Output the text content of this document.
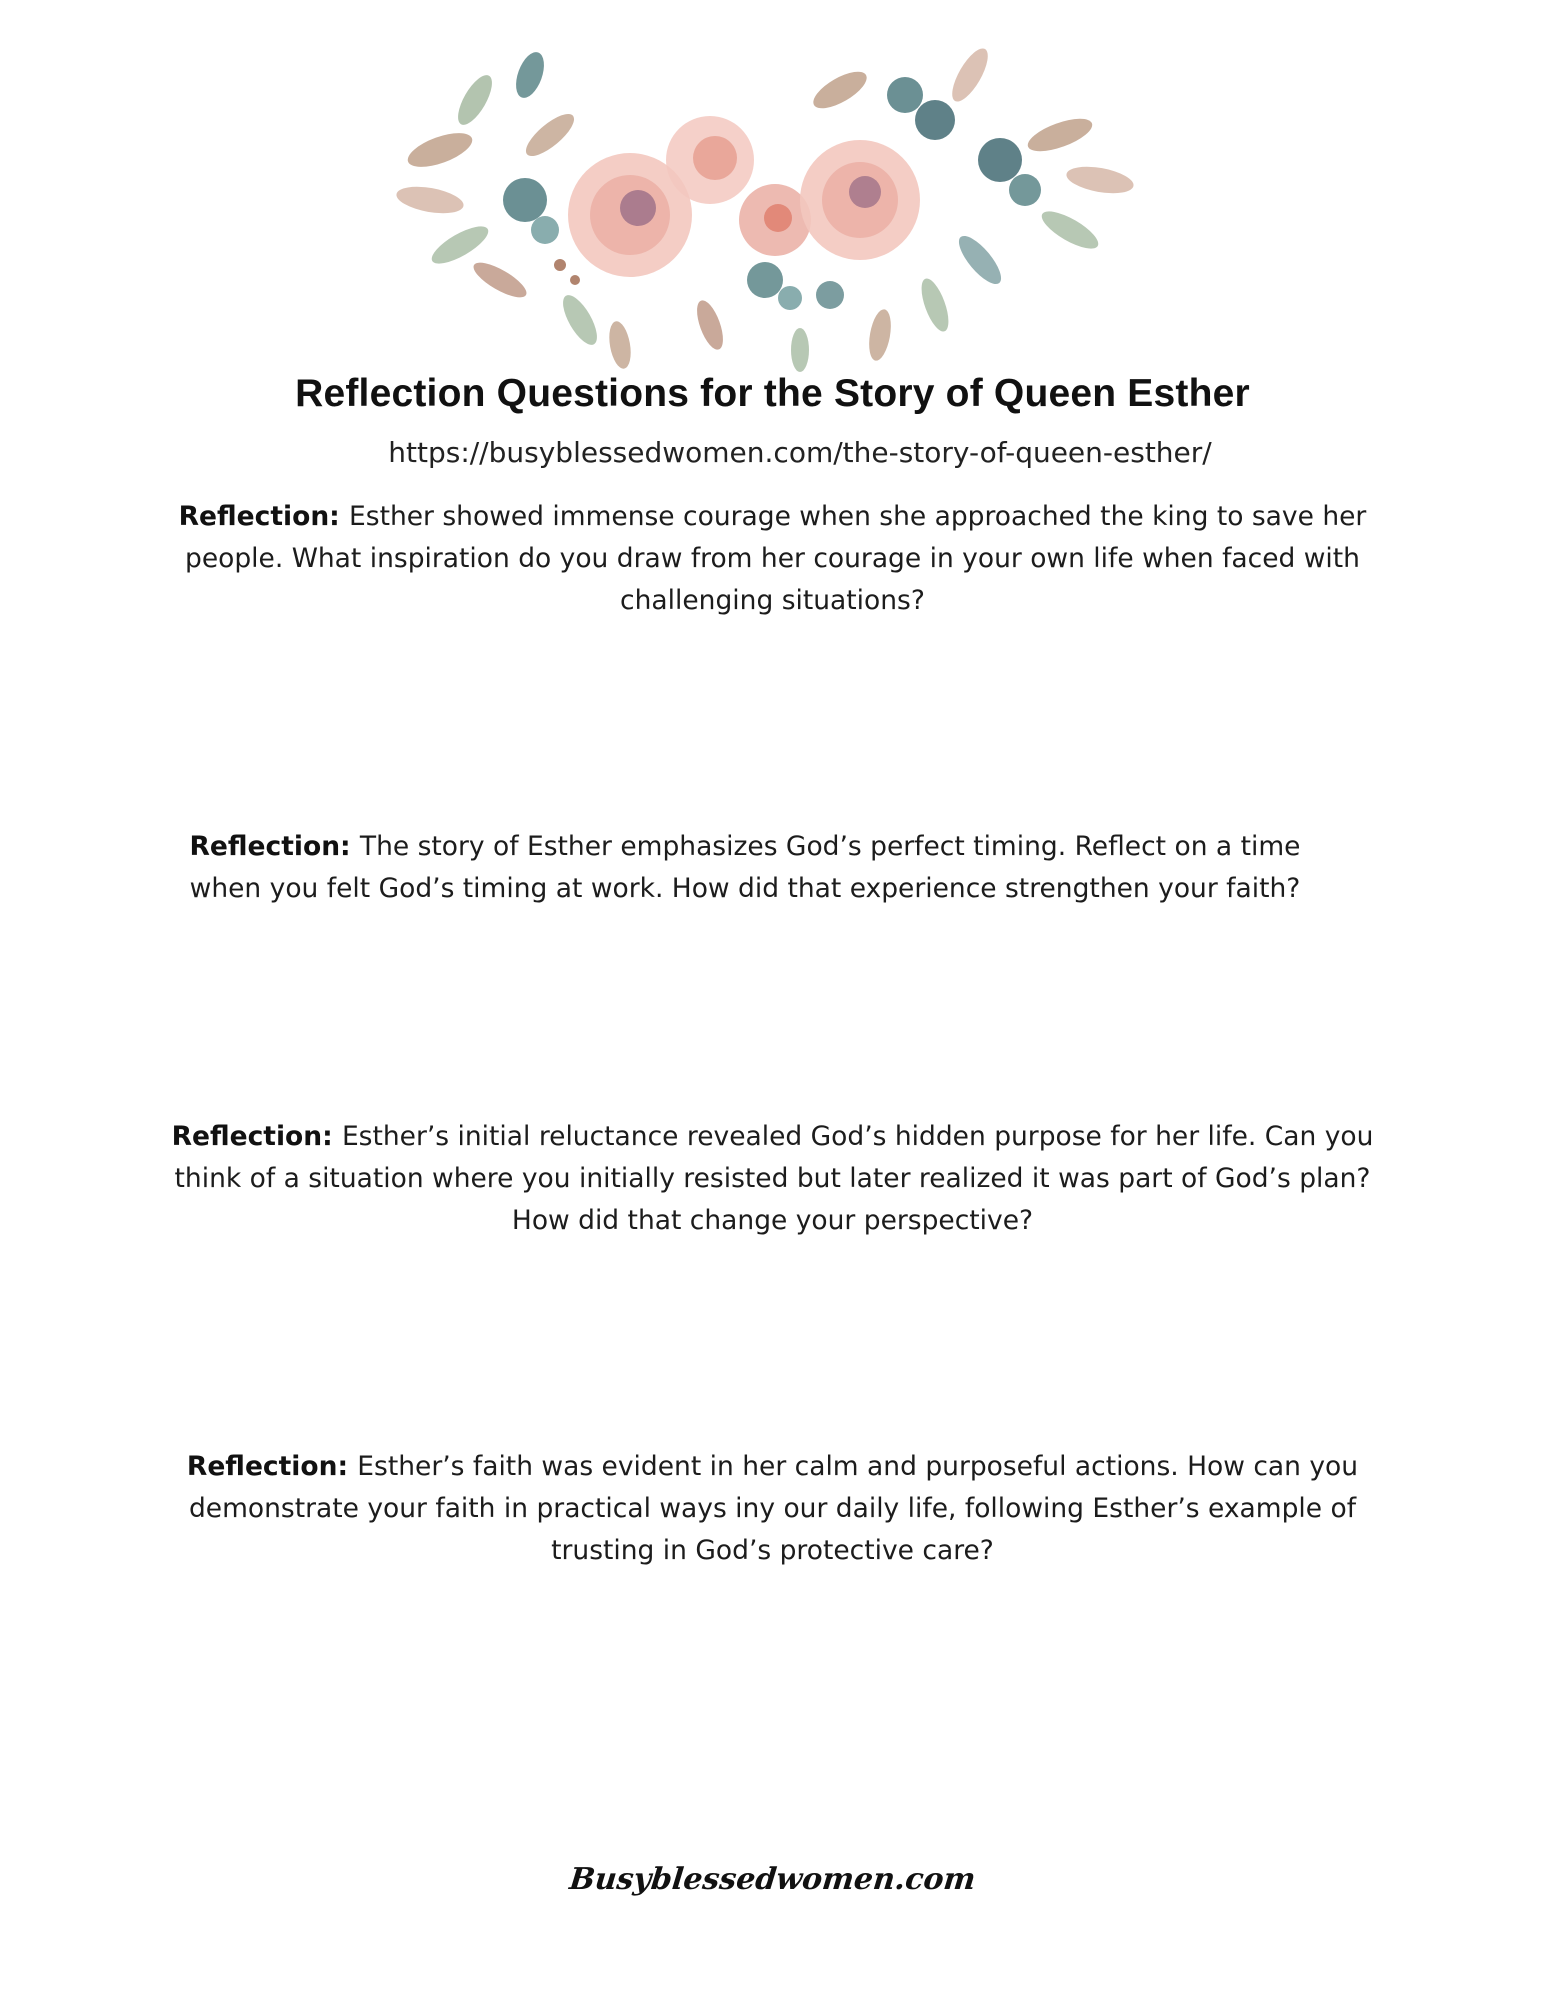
Reflection Questions for the Story of Queen Esther
https://busyblessedwomen.com/the-story-of-queen-esther/
Reflection: Esther showed immense courage when she approached the king to save her people. What inspiration do you draw from her courage in your own life when faced with challenging situations?
Reflection: The story of Esther emphasizes God’s perfect timing. Reflect on a time when you felt God’s timing at work. How did that experience strengthen your faith?
Reflection: Esther’s initial reluctance revealed God’s hidden purpose for her life. Can you think of a situation where you initially resisted but later realized it was part of God’s plan? How did that change your perspective?
Reflection: Esther’s faith was evident in her calm and purposeful actions. How can you demonstrate your faith in practical ways iny our daily life, following Esther’s example of trusting in God’s protective care?
Busyblessedwomen.com
